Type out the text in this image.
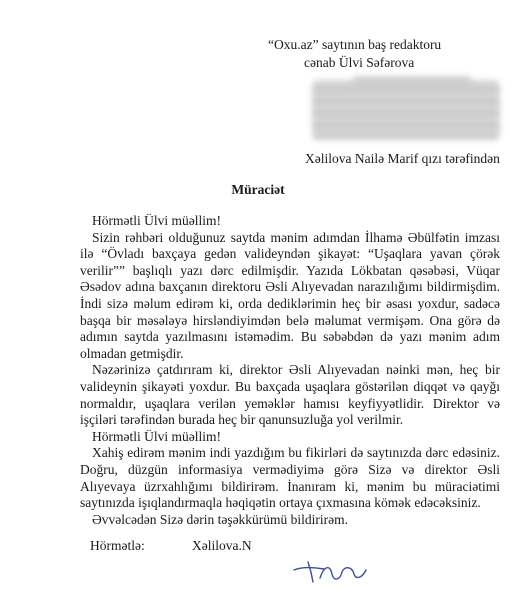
“Oxu.az” saytının baş redaktoru
cənab Ülvi Səfərova
Xəlilova Nailə Marif qızı tərəfindən
Müraciət

Hörmətli Ülvi müəllim!

Sizin rəhbəri olduğunuz saytda mənim adımdan İlhamə Əbülfətin imzası ilə “Övladı baxçaya gedən valideyndən şikayət: “Uşaqlara yavan çörək verilir”” başlıqlı yazı dərc edilmişdir. Yazıda Lökbatan qəsəbəsi, Vüqar Əsədov adına baxçanın direktoru Əsli Alıyevadan narazılığımı bildirmişdim. İndi sizə məlum edirəm ki, orda dediklərimin heç bir əsası yoxdur, sadəcə başqa bir məsələyə hirsləndiyimdən belə məlumat vermişəm. Ona görə də adımın saytda yazılmasını istəmədim. Bu səbəbdən də yazı mənim adım olmadan getmişdir.

Nəzərinizə çatdırıram ki, direktor Əsli Alıyevadan nəinki mən, heç bir valideynin şikayəti yoxdur. Bu baxçada uşaqlara göstərilən diqqət və qayğı normaldır, uşaqlara verilən yeməklər hamısı keyfiyyətlidir. Direktor və işçiləri tərəfindən burada heç bir qanunsuzluğa yol verilmir.

Hörmətli Ülvi müəllim!

Xahiş edirəm mənim indi yazdığım bu fikirləri də saytınızda dərc edəsiniz. Doğru, düzgün informasiya vermədiyimə görə Sizə və direktor Əsli Alıyevaya üzrxahlığımı bildirirəm. İnanıram ki, mənim bu müraciətimi saytınızda işıqlandırmaqla həqiqətin ortaya çıxmasına kömək edəcəksiniz.

Əvvəlcədən Sizə dərin təşəkkürümü bildirirəm.

Hörmətlə:	Xəlilova.N
